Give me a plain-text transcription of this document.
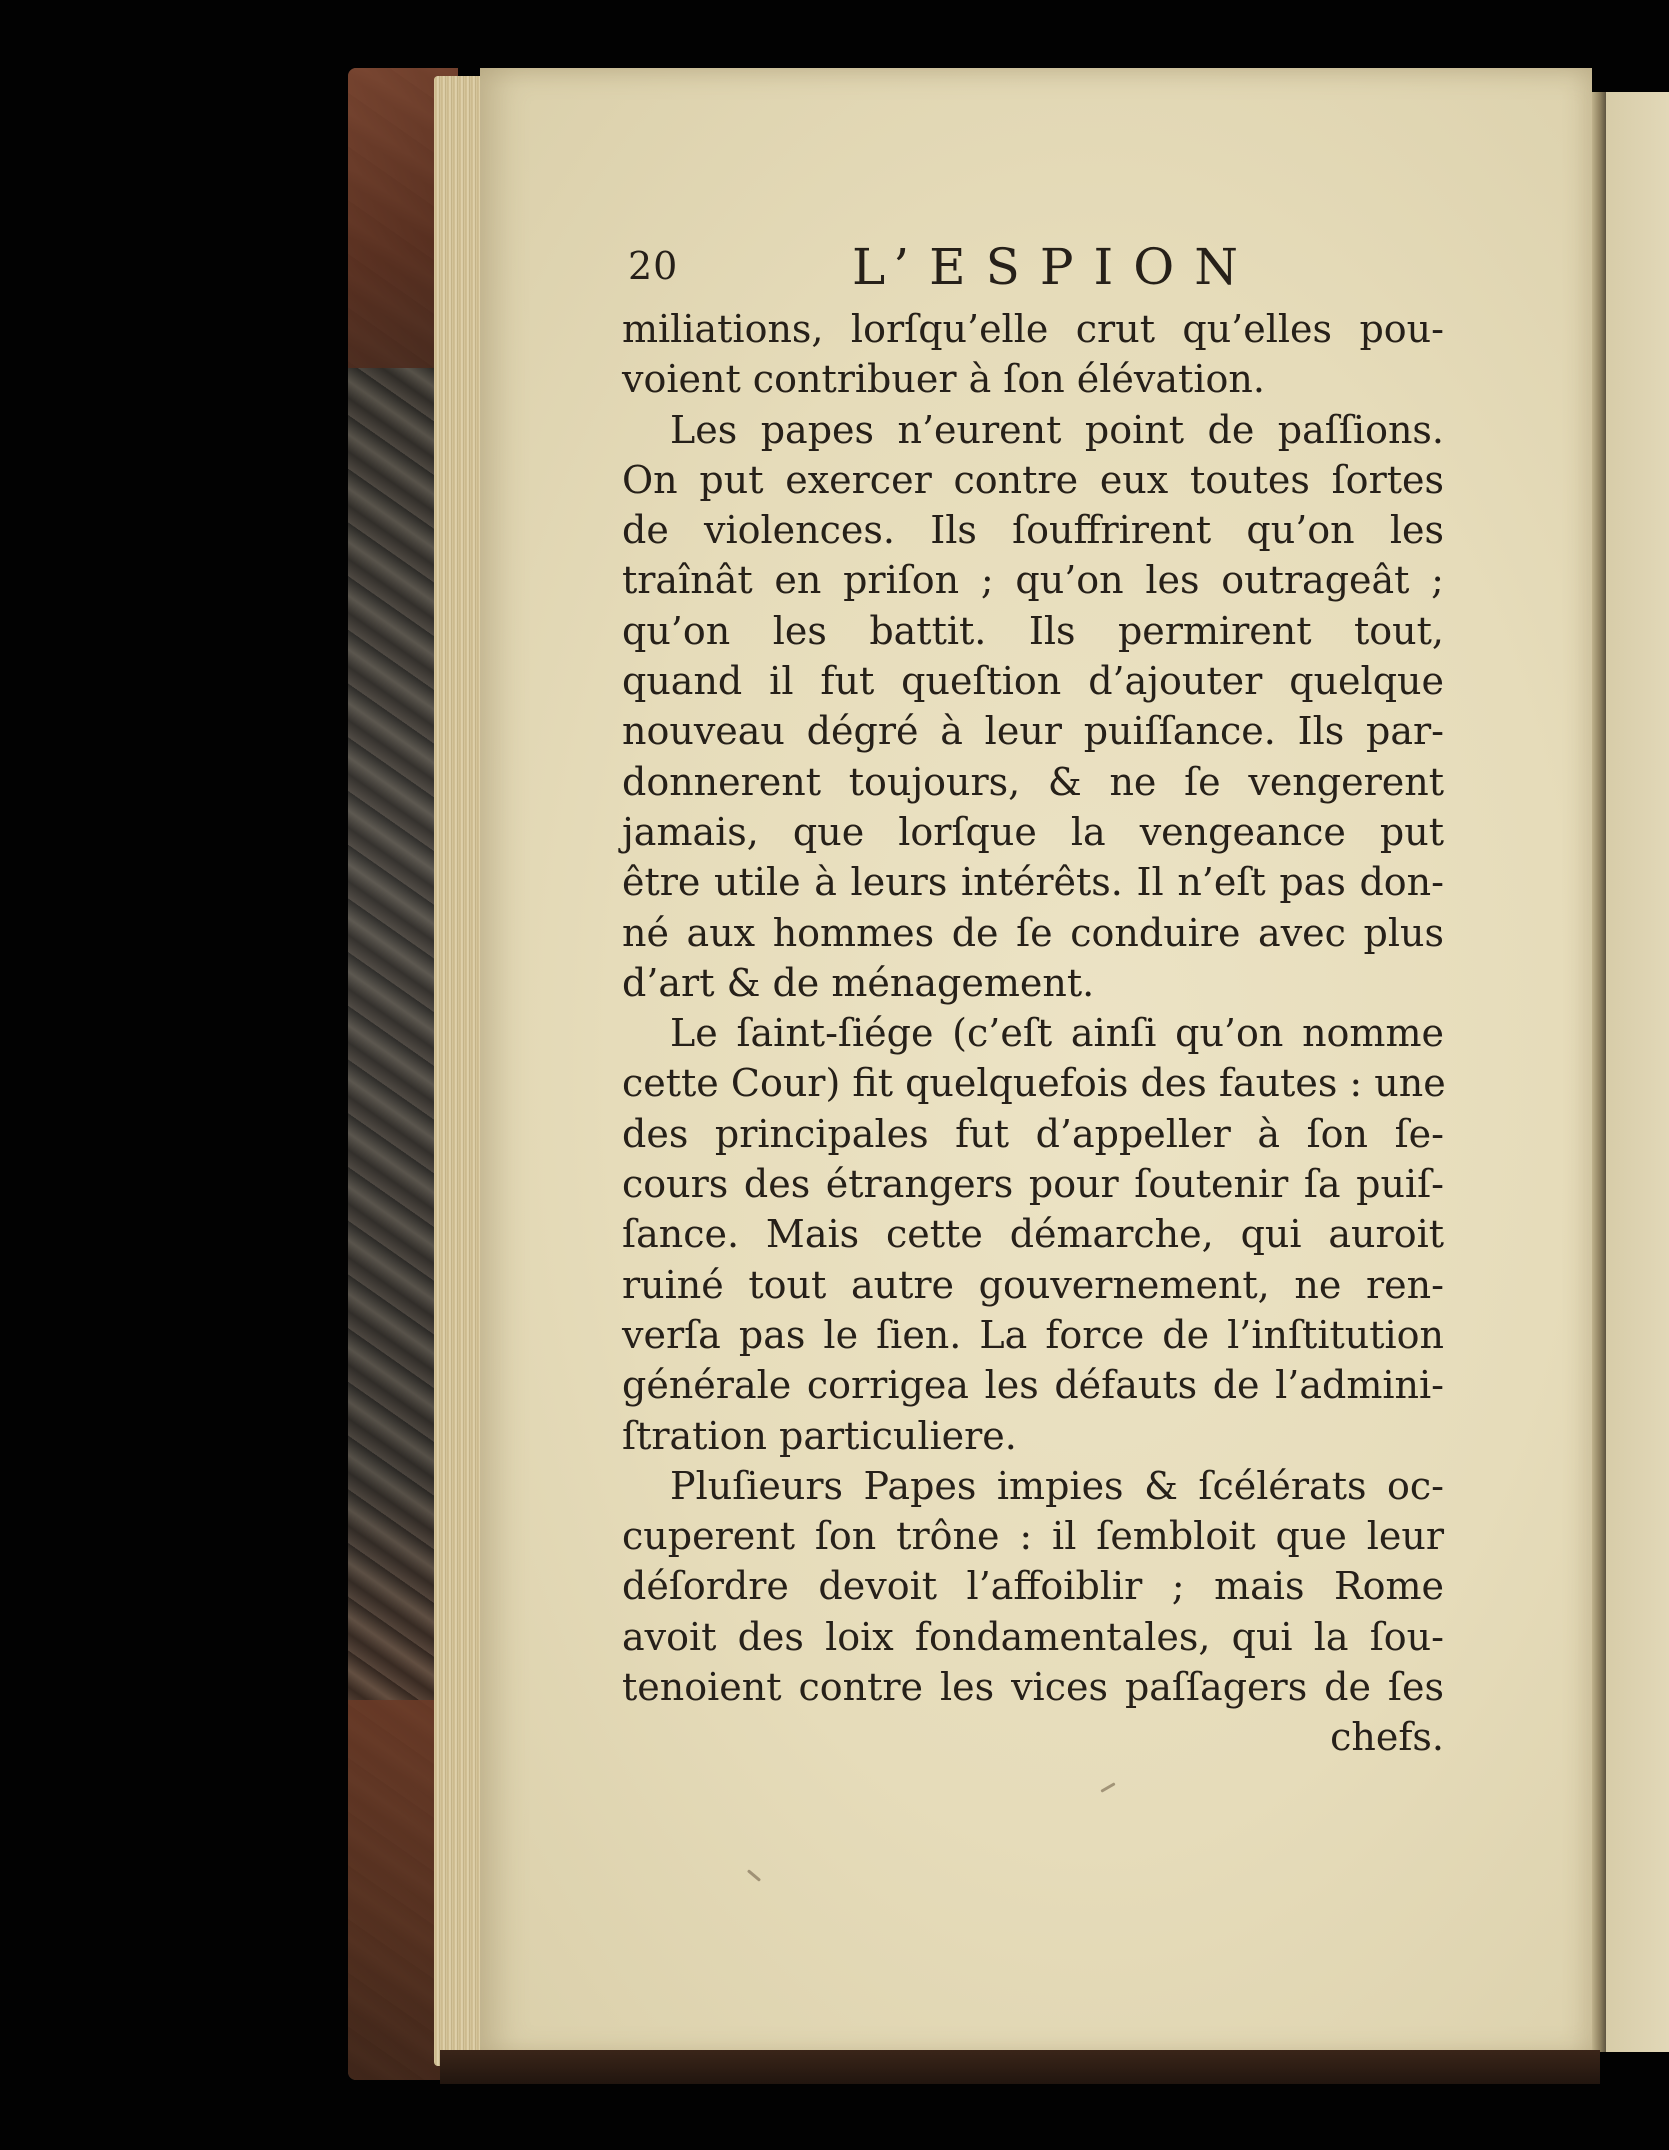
20	L’ESPION
miliations, lorſqu’elle crut qu’elles pou-
voient contribuer à ſon élévation.
Les papes n’eurent point de paſſions.
On put exercer contre eux toutes ſortes
de violences. Ils ſouffrirent qu’on les
traînât en priſon ; qu’on les outrageât ;
qu’on les battit. Ils permirent tout,
quand il fut queſtion d’ajouter quelque
nouveau dégré à leur puiſſance. Ils par-
donnerent toujours, & ne ſe vengerent
jamais, que lorſque la vengeance put
être utile à leurs intérêts. Il n’eſt pas don-
né aux hommes de ſe conduire avec plus
d’art & de ménagement.
Le ſaint-ſiége (c’eſt ainſi qu’on nomme
cette Cour) fit quelquefois des fautes : une
des principales fut d’appeller à ſon ſe-
cours des étrangers pour ſoutenir ſa puiſ-
ſance. Mais cette démarche, qui auroit
ruiné tout autre gouvernement, ne ren-
verſa pas le ſien. La force de l’inſtitution
générale corrigea les défauts de l’admini-
ſtration particuliere.
Pluſieurs Papes impies & ſcélérats oc-
cuperent ſon trône : il ſembloit que leur
déſordre devoit l’affoiblir ; mais Rome
avoit des loix fondamentales, qui la ſou-
tenoient contre les vices paſſagers de ſes
chefs.
